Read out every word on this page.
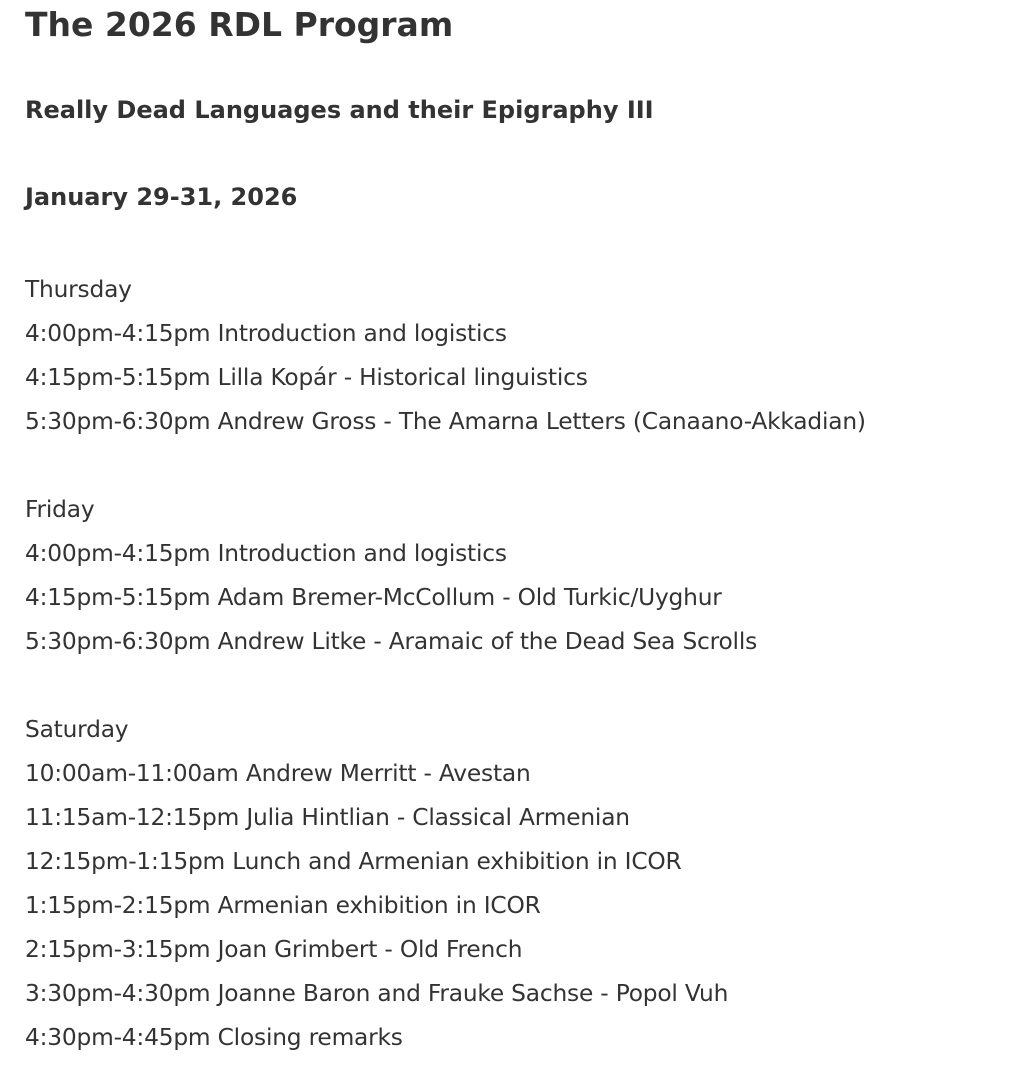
The 2026 RDL Program
Really Dead Languages and their Epigraphy III
January 29-31, 2026
Thursday
4:00pm-4:15pm Introduction and logistics
4:15pm-5:15pm Lilla Kopár - Historical linguistics
5:30pm-6:30pm Andrew Gross - The Amarna Letters (Canaano-Akkadian)
Friday
4:00pm-4:15pm Introduction and logistics
4:15pm-5:15pm Adam Bremer-McCollum - Old Turkic/Uyghur
5:30pm-6:30pm Andrew Litke - Aramaic of the Dead Sea Scrolls
Saturday
10:00am-11:00am Andrew Merritt - Avestan
11:15am-12:15pm Julia Hintlian - Classical Armenian
12:15pm-1:15pm Lunch and Armenian exhibition in ICOR
1:15pm-2:15pm Armenian exhibition in ICOR
2:15pm-3:15pm Joan Grimbert - Old French
3:30pm-4:30pm Joanne Baron and Frauke Sachse - Popol Vuh
4:30pm-4:45pm Closing remarks
